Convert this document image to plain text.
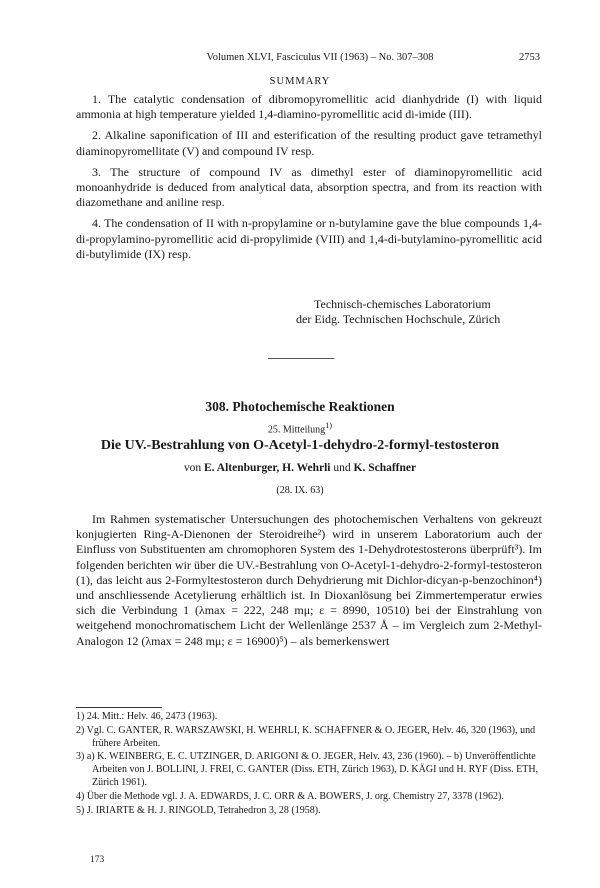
Volumen XLVI, Fasciculus VII (1963) – No. 307–308	2753
SUMMARY

1. The catalytic condensation of dibromopyromellitic acid dianhydride (I) with liquid ammonia at high temperature yielded 1,4-diamino-pyromellitic acid di-imide (III).

2. Alkaline saponification of III and esterification of the resulting product gave tetramethyl diaminopyromellitate (V) and compound IV resp.

3. The structure of compound IV as dimethyl ester of diaminopyromellitic acid monoanhydride is deduced from analytical data, absorption spectra, and from its reaction with diazomethane and aniline resp.

4. The condensation of II with n-propylamine or n-butylamine gave the blue compounds 1,4-di-propylamino-pyromellitic acid di-propylimide (VIII) and 1,4-di-butylamino-pyromellitic acid di-butylimide (IX) resp.

Technisch-chemisches Laboratorium
der Eidg. Technischen Hochschule, Zürich
308. Photochemische Reaktionen
25. Mitteilung$^{1)}$
Die UV.-Bestrahlung von O-Acetyl-1-dehydro-2-formyl-testosteron
von E. Altenburger, H. Wehrli und K. Schaffner
(28. IX. 63)

Im Rahmen systematischer Untersuchungen des photochemischen Verhaltens von gekreuzt konjugierten Ring-A-Dienonen der Steroidreihe²) wird in unserem Laboratorium auch der Einfluss von Substituenten am chromophoren System des 1-Dehydrotestosterons überprüft³). Im folgenden berichten wir über die UV.-Bestrahlung von O-Acetyl-1-dehydro-2-formyl-testosteron (1), das leicht aus 2-Formyltestosteron durch Dehydrierung mit Dichlor-dicyan-p-benzochinon⁴) und anschliessende Acetylierung erhältlich ist. In Dioxanlösung bei Zimmertemperatur erwies sich die Verbindung 1 (λmax = 222, 248 mμ; ε = 8990, 10510) bei der Einstrahlung von weitgehend monochromatischem Licht der Wellenlänge 2537 Å – im Vergleich zum 2-Methyl-Analogon 12 (λmax = 248 mμ; ε = 16900)⁵) – als bemerkenswert

1) 24. Mitt.: Helv. 46, 2473 (1963).
2) Vgl. C. GANTER, R. WARSZAWSKI, H. WEHRLI, K. SCHAFFNER & O. JEGER, Helv. 46, 320 (1963), und frühere Arbeiten.
3) a) K. WEINBERG, E. C. UTZINGER, D. ARIGONI & O. JEGER, Helv. 43, 236 (1960). – b) Unveröffentlichte Arbeiten von J. BOLLINI, J. FREI, C. GANTER (Diss. ETH, Zürich 1963), D. KÄGI und H. RYF (Diss. ETH, Zürich 1961).
4) Über die Methode vgl. J. A. EDWARDS, J. C. ORR & A. BOWERS, J. org. Chemistry 27, 3378 (1962).
5) J. IRIARTE & H. J. RINGOLD, Tetrahedron 3, 28 (1958).
173
